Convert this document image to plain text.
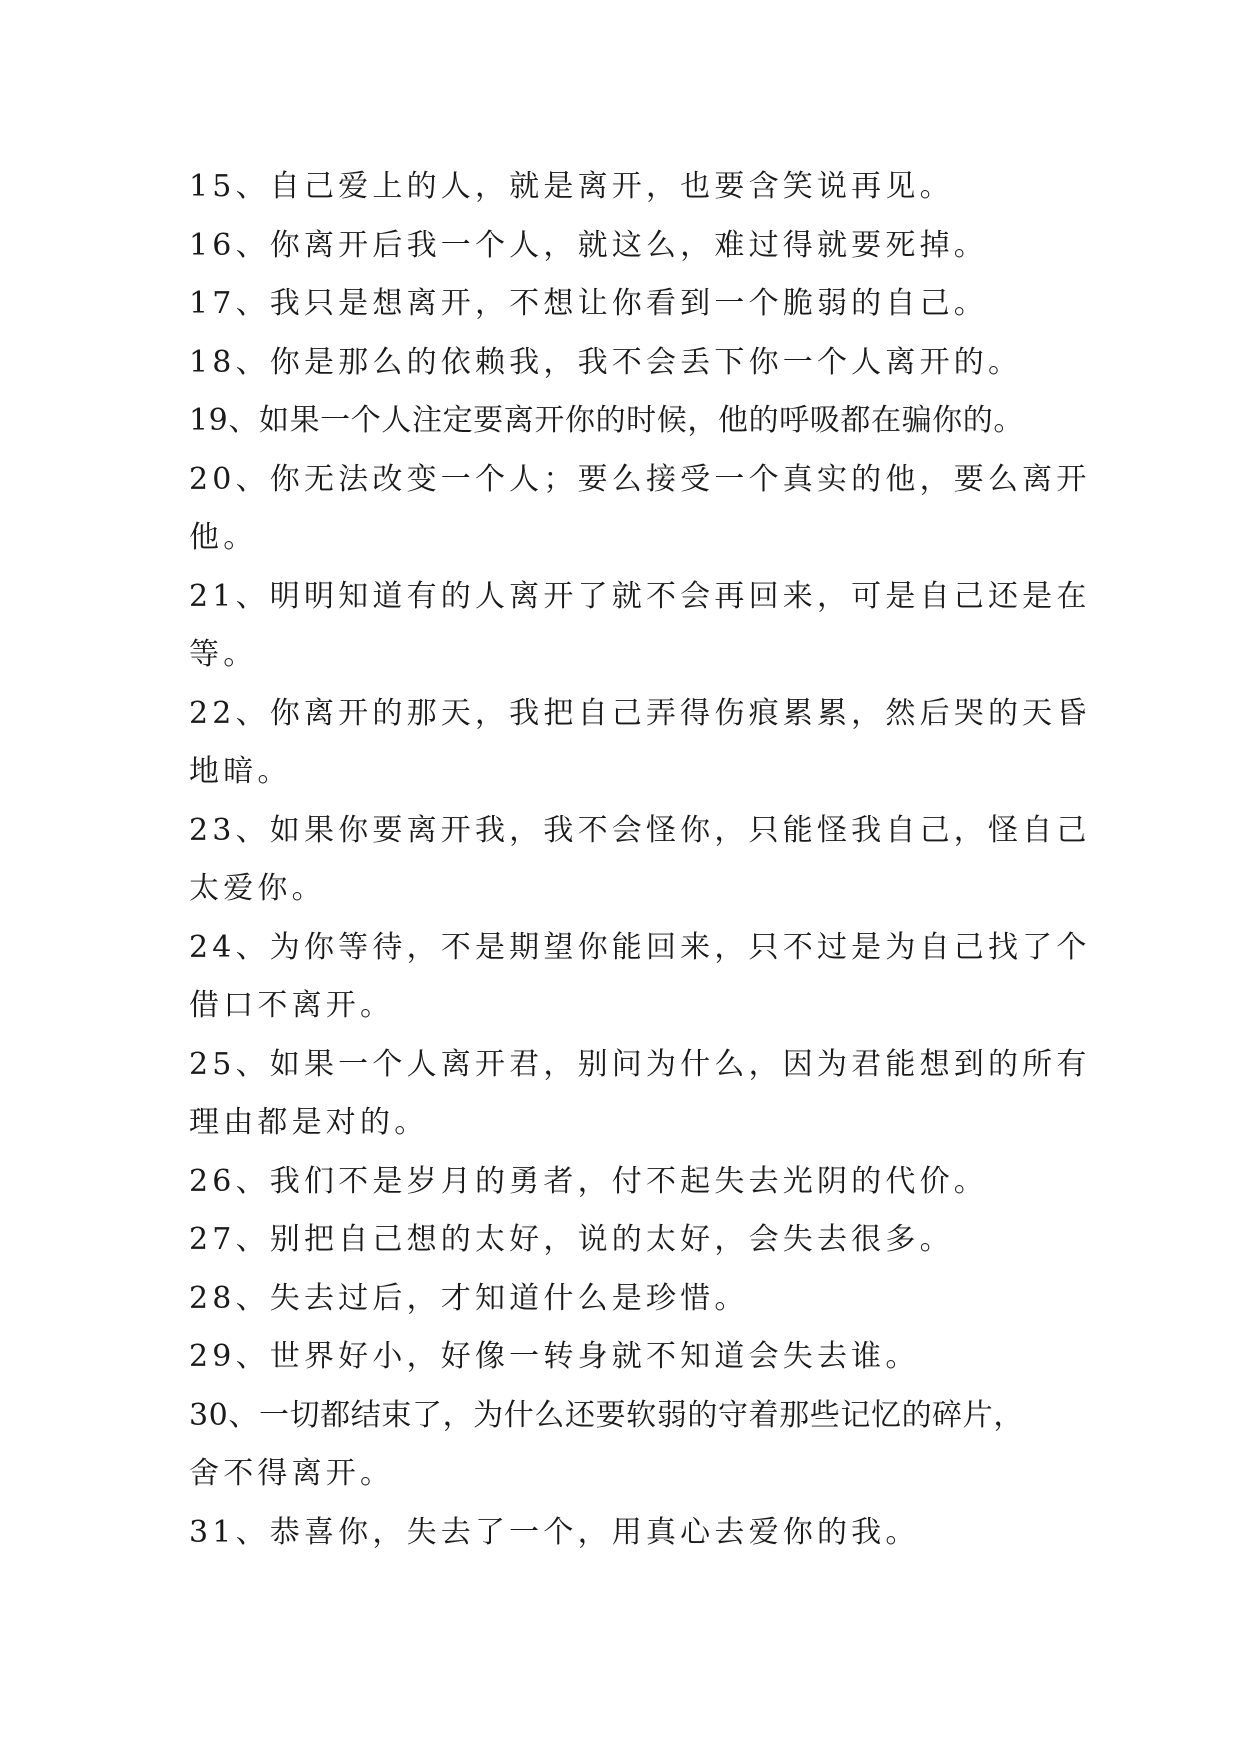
15、自己爱上的人，就是离开，也要含笑说再见。
16、你离开后我一个人，就这么，难过得就要死掉。
17、我只是想离开，不想让你看到一个脆弱的自己。
18、你是那么的依赖我，我不会丢下你一个人离开的。
19、如果一个人注定要离开你的时候，他的呼吸都在骗你的。
20、你无法改变一个人；要么接受一个真实的他，要么离开
他。
21、明明知道有的人离开了就不会再回来，可是自己还是在
等。
22、你离开的那天，我把自己弄得伤痕累累，然后哭的天昏
地暗。
23、如果你要离开我，我不会怪你，只能怪我自己，怪自己
太爱你。
24、为你等待，不是期望你能回来，只不过是为自己找了个
借口不离开。
25、如果一个人离开君，别问为什么，因为君能想到的所有
理由都是对的。
26、我们不是岁月的勇者，付不起失去光阴的代价。
27、别把自己想的太好，说的太好，会失去很多。
28、失去过后，才知道什么是珍惜。
29、世界好小，好像一转身就不知道会失去谁。
30、一切都结束了，为什么还要软弱的守着那些记忆的碎片，
舍不得离开。
31、恭喜你，失去了一个，用真心去爱你的我。
